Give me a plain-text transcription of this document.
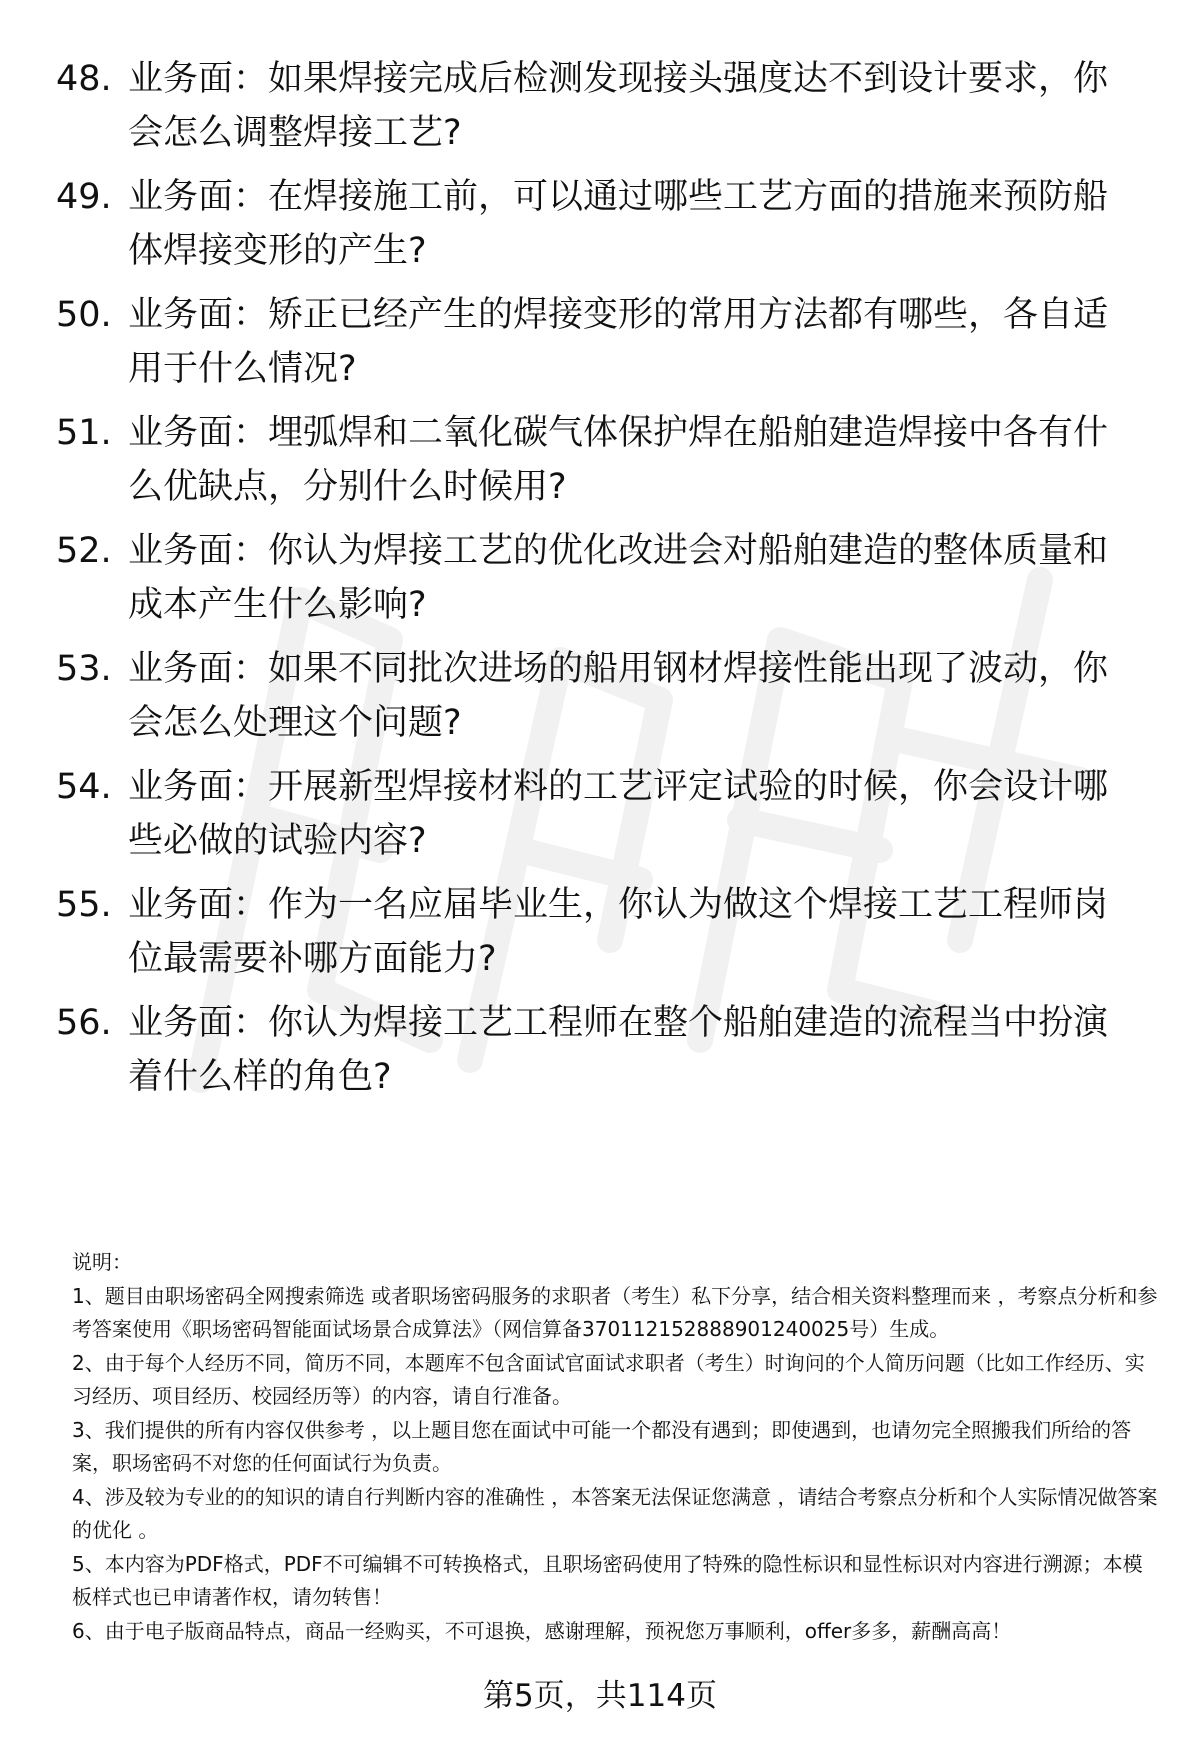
48. 业务面：如果焊接完成后检测发现接头强度达不到设计要求，你会怎么调整焊接工艺?
49. 业务面：在焊接施工前，可以通过哪些工艺方面的措施来预防船体焊接变形的产生?
50. 业务面：矫正已经产生的焊接变形的常用方法都有哪些，各自适用于什么情况?
51. 业务面：埋弧焊和二氧化碳气体保护焊在船舶建造焊接中各有什么优缺点，分别什么时候用?
52. 业务面：你认为焊接工艺的优化改进会对船舶建造的整体质量和成本产生什么影响?
53. 业务面：如果不同批次进场的船用钢材焊接性能出现了波动，你会怎么处理这个问题?
54. 业务面：开展新型焊接材料的工艺评定试验的时候，你会设计哪些必做的试验内容?
55. 业务面：作为一名应届毕业生，你认为做这个焊接工艺工程师岗位最需要补哪方面能力?
56. 业务面：你认为焊接工艺工程师在整个船舶建造的流程当中扮演着什么样的角色?
说明：
1、题目由职场密码全网搜索筛选 或者职场密码服务的求职者（考生）私下分享，结合相关资料整理而来 ，考察点分析和参考答案使用《职场密码智能面试场景合成算法》（网信算备370112152888901240025号）生成。
2、由于每个人经历不同，简历不同，本题库不包含面试官面试求职者（考生）时询问的个人简历问题（比如工作经历、实习经历、项目经历、校园经历等）的内容，请自行准备。
3、我们提供的所有内容仅供参考 ，以上题目您在面试中可能一个都没有遇到；即使遇到，也请勿完全照搬我们所给的答案，职场密码不对您的任何面试行为负责。
4、涉及较为专业的的知识的请自行判断内容的准确性 ，本答案无法保证您满意 ，请结合考察点分析和个人实际情况做答案的优化 。
5、本内容为PDF格式，PDF不可编辑不可转换格式，且职场密码使用了特殊的隐性标识和显性标识对内容进行溯源；本模板样式也已申请著作权，请勿转售！
6、由于电子版商品特点，商品一经购买，不可退换，感谢理解，预祝您万事顺利，offer多多，薪酬高高！
第5页，共114页
